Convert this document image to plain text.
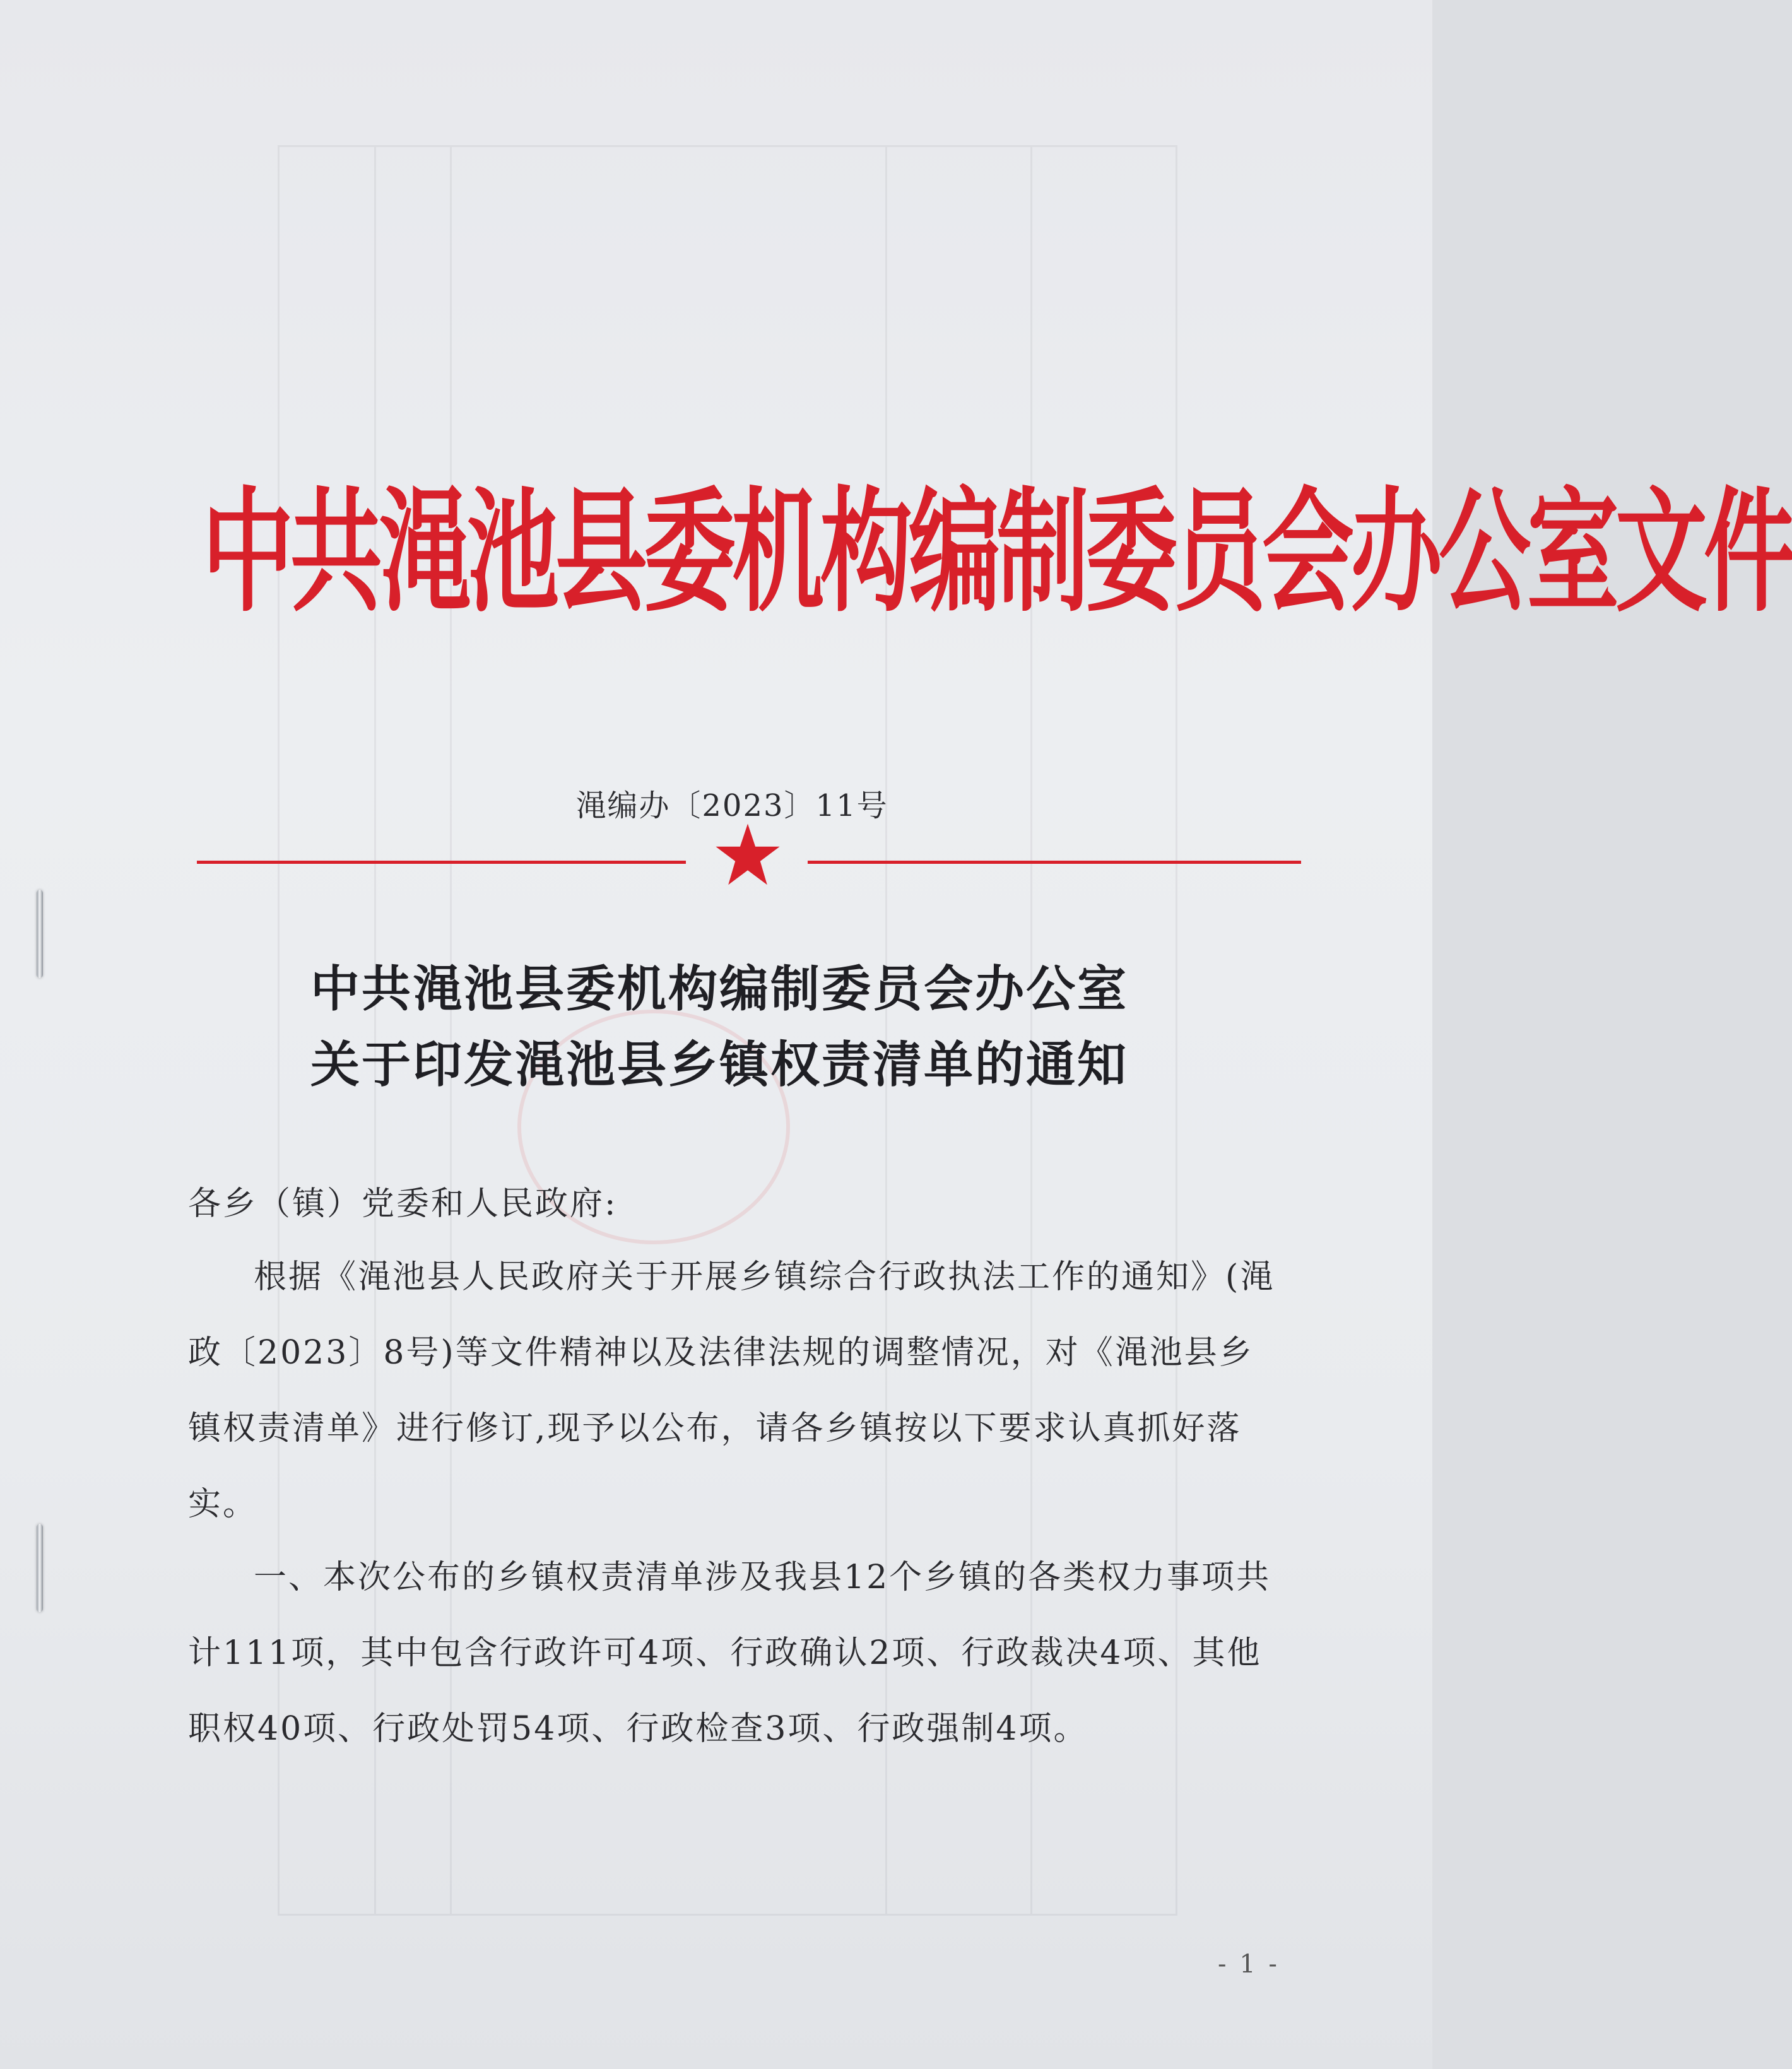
中共渑池县委机构编制委员会办公室文件
渑编办〔2023〕11号
中共渑池县委机构编制委员会办公室
关于印发渑池县乡镇权责清单的通知
各乡（镇）党委和人民政府:
根据《渑池县人民政府关于开展乡镇综合行政执法工作的通知》(渑政〔2023〕8号)等文件精神以及法律法规的调整情况，对《渑池县乡镇权责清单》进行修订,现予以公布，请各乡镇按以下要求认真抓好落实。
一、本次公布的乡镇权责清单涉及我县12个乡镇的各类权力事项共计111项，其中包含行政许可4项、行政确认2项、行政裁决4项、其他职权40项、行政处罚54项、行政检查3项、行政强制4项。
- 1 -
